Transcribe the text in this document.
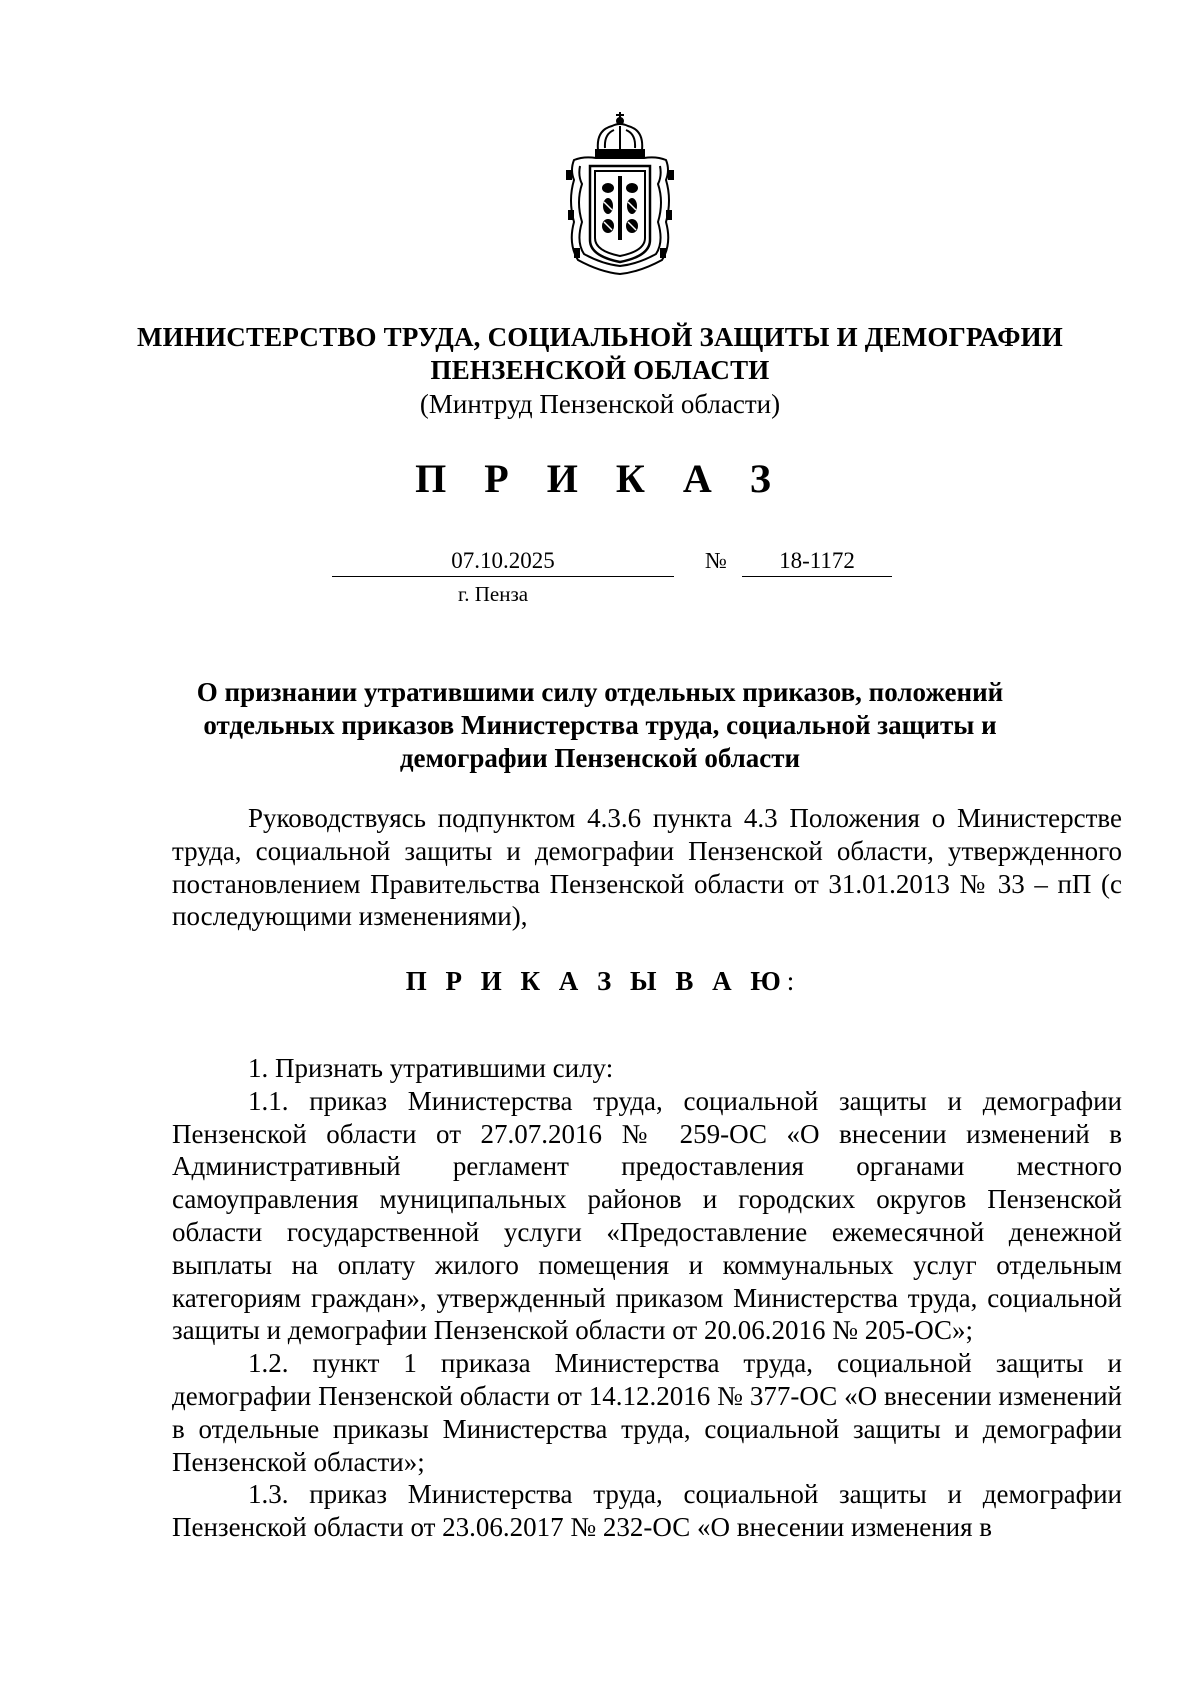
МИНИСТЕРСТВО ТРУДА, СОЦИАЛЬНОЙ ЗАЩИТЫ И ДЕМОГРАФИИ
ПЕНЗЕНСКОЙ ОБЛАСТИ
(Минтруд Пензенской области)
П Р И К А З
07.10.2025	№	18-1172
г. Пенза
О признании утратившими силу отдельных приказов, положений
отдельных приказов Министерства труда, социальной защиты и
демографии Пензенской области

Руководствуясь подпунктом 4.3.6 пункта 4.3 Положения о Министерстве труда, социальной защиты и демографии Пензенской области, утвержденного постановлением Правительства Пензенской области от 31.01.2013 № 33 – пП (с последующими изменениями),

П Р И К А З Ы В А Ю:

1. Признать утратившими силу:

1.1. приказ Министерства труда, социальной защиты и демографии Пензенской области от 27.07.2016 № 259-ОС «О внесении изменений в Административный регламент предоставления органами местного самоуправления муниципальных районов и городских округов Пензенской области государственной услуги «Предоставление ежемесячной денежной выплаты на оплату жилого помещения и коммунальных услуг отдельным категориям граждан», утвержденный приказом Министерства труда, социальной защиты и демографии Пензенской области от 20.06.2016 № 205-ОС»;

1.2. пункт 1 приказа Министерства труда, социальной защиты и демографии Пензенской области от 14.12.2016 № 377-ОС «О внесении изменений в отдельные приказы Министерства труда, социальной защиты и демографии Пензенской области»;

1.3. приказ Министерства труда, социальной защиты и демографии Пензенской области от 23.06.2017 № 232-ОС «О внесении изменения в
